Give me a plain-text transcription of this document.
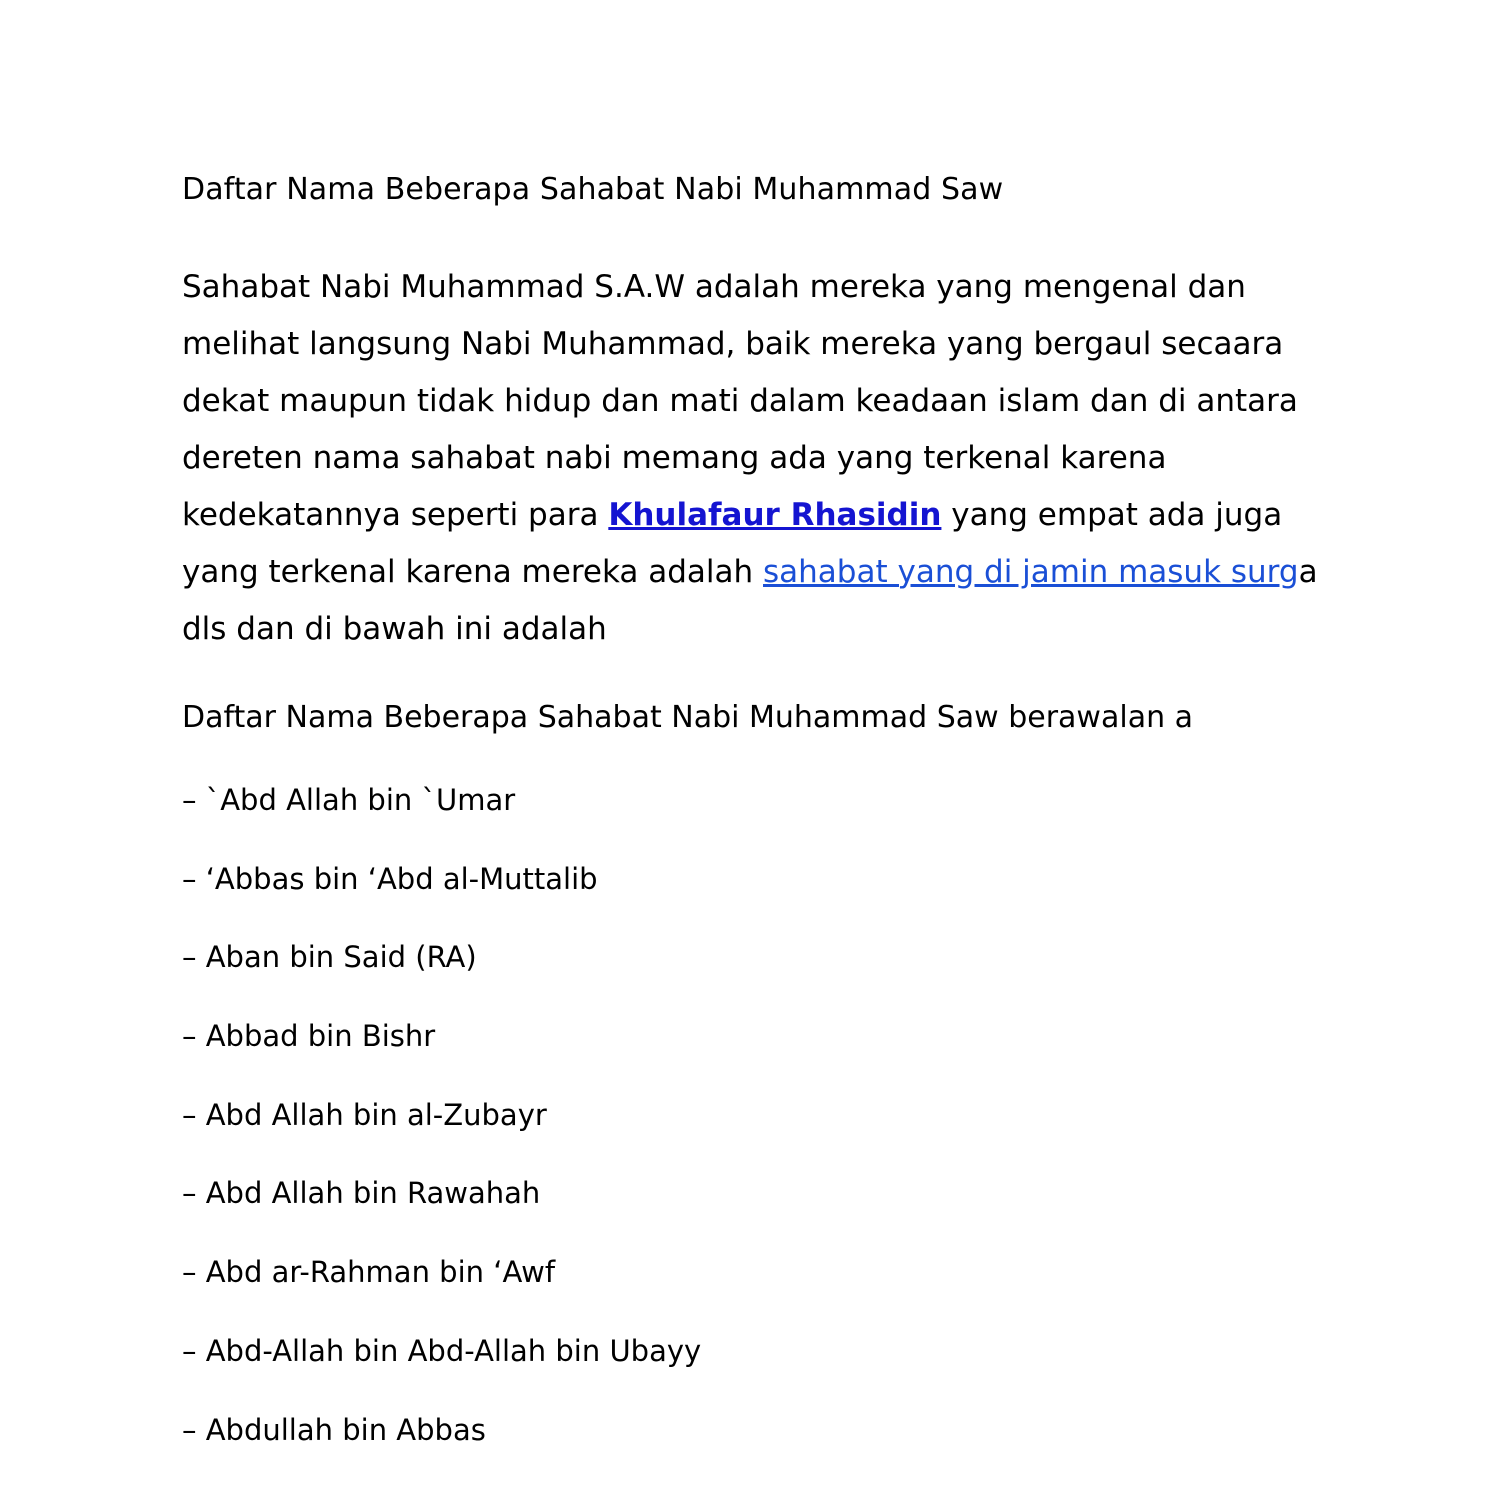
Daftar Nama Beberapa Sahabat Nabi Muhammad Saw

Sahabat Nabi Muhammad S.A.W adalah mereka yang mengenal dan melihat langsung Nabi Muhammad, baik mereka yang bergaul secaara dekat maupun tidak hidup dan mati dalam keadaan islam dan di antara dereten nama sahabat nabi memang ada yang terkenal karena kedekatannya seperti para Khulafaur Rhasidin yang empat ada juga yang terkenal karena mereka adalah sahabat yang di jamin masuk surga dls dan di bawah ini adalah

Daftar Nama Beberapa Sahabat Nabi Muhammad Saw berawalan a

– `Abd Allah bin `Umar
– ‘Abbas bin ‘Abd al-Muttalib
– Aban bin Said (RA)
– Abbad bin Bishr
– Abd Allah bin al-Zubayr
– Abd Allah bin Rawahah
– Abd ar-Rahman bin ‘Awf
– Abd-Allah bin Abd-Allah bin Ubayy
– Abdullah bin Abbas
